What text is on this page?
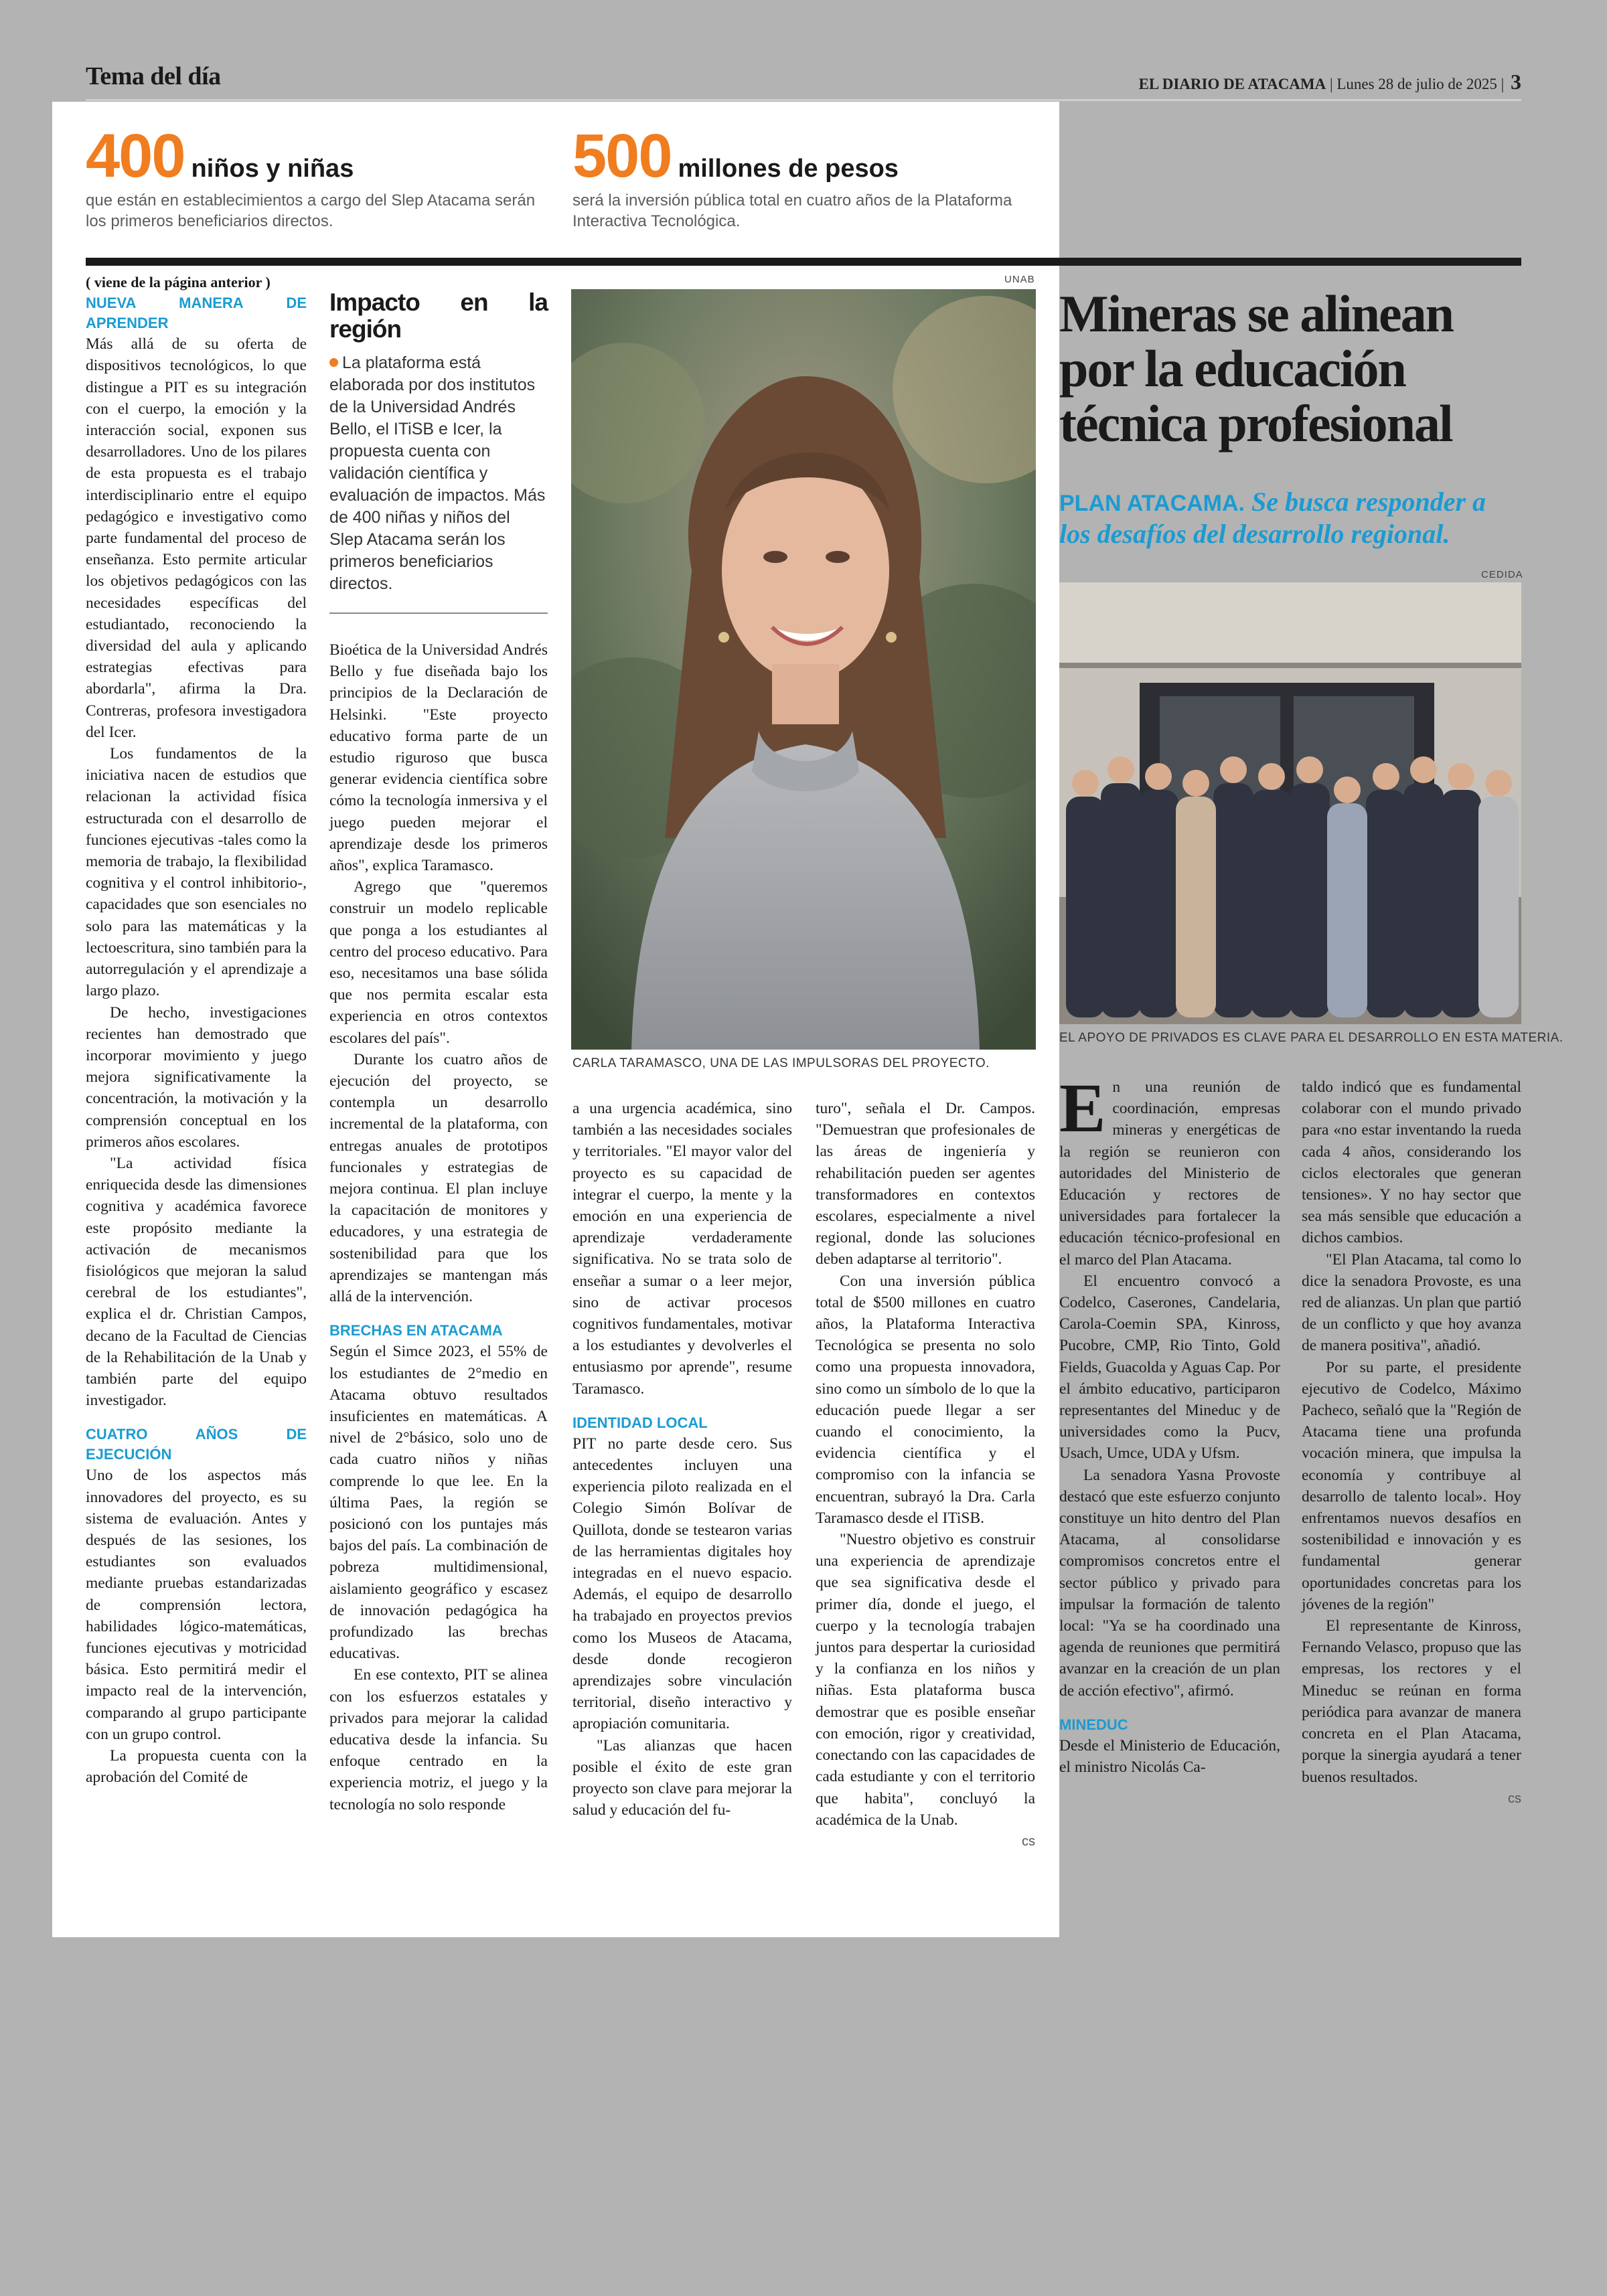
Tema del día	EL DIARIO DE ATACAMA | Lunes 28 de julio de 2025 | 3
400 niños y niñas
que están en establecimientos a cargo del Slep Atacama serán los primeros beneficiarios directos.
500 millones de pesos
será la inversión pública total en cuatro años de la Plataforma Interactiva Tecnológica.

( viene de la página anterior )

NUEVA MANERA DE APRENDER

Más allá de su oferta de dispositivos tecnológicos, lo que distingue a PIT es su integración con el cuerpo, la emoción y la interacción social, exponen sus desarrolladores. Uno de los pilares de esta propuesta es el trabajo interdisciplinario entre el equipo pedagógico e investigativo como parte fundamental del proceso de enseñanza. Esto permite articular los objetivos pedagógicos con las necesidades específicas del estudiantado, reconociendo la diversidad del aula y aplicando estrategias efectivas para abordarla", afirma la Dra. Contreras, profesora investigadora del Icer.

Los fundamentos de la iniciativa nacen de estudios que relacionan la actividad física estructurada con el desarrollo de funciones ejecutivas -tales como la memoria de trabajo, la flexibilidad cognitiva y el control inhibitorio-, capacidades que son esenciales no solo para las matemáticas y la lectoescritura, sino también para la autorregulación y el aprendizaje a largo plazo.

De hecho, investigaciones recientes han demostrado que incorporar movimiento y juego mejora significativamente la concentración, la motivación y la comprensión conceptual en los primeros años escolares.

"La actividad física enriquecida desde las dimensiones cognitiva y académica favorece este propósito mediante la activación de mecanismos fisiológicos que mejoran la salud cerebral de los estudiantes", explica el dr. Christian Campos, decano de la Facultad de Ciencias de la Rehabilitación de la Unab y también parte del equipo investigador.

CUATRO AÑOS DE EJECUCIÓN

Uno de los aspectos más innovadores del proyecto, es su sistema de evaluación. Antes y después de las sesiones, los estudiantes son evaluados mediante pruebas estandarizadas de comprensión lectora, habilidades lógico-matemáticas, funciones ejecutivas y motricidad básica. Esto permitirá medir el impacto real de la intervención, comparando al grupo participante con un grupo control.

La propuesta cuenta con la aprobación del Comité de

Impacto en la región
La plataforma está elaborada por dos institutos de la Universidad Andrés Bello, el ITiSB e Icer, la propuesta cuenta con validación científica y evaluación de impactos. Más de 400 niñas y niños del Slep Atacama serán los primeros beneficiarios directos.

Bioética de la Universidad Andrés Bello y fue diseñada bajo los principios de la Declaración de Helsinki. "Este proyecto educativo forma parte de un estudio riguroso que busca generar evidencia científica sobre cómo la tecnología inmersiva y el juego pueden mejorar el aprendizaje desde los primeros años", explica Taramasco.

Agrego que "queremos construir un modelo replicable que ponga a los estudiantes al centro del proceso educativo. Para eso, necesitamos una base sólida que nos permita escalar esta experiencia en otros contextos escolares del país".

Durante los cuatro años de ejecución del proyecto, se contempla un desarrollo incremental de la plataforma, con entregas anuales de prototipos funcionales y estrategias de mejora continua. El plan incluye la capacitación de monitores y educadores, y una estrategia de sostenibilidad para que los aprendizajes se mantengan más allá de la intervención.

BRECHAS EN ATACAMA

Según el Simce 2023, el 55% de los estudiantes de 2°medio en Atacama obtuvo resultados insuficientes en matemáticas. A nivel de 2°básico, solo uno de cada cuatro niños y niñas comprende lo que lee. En la última Paes, la región se posicionó con los puntajes más bajos del país. La combinación de pobreza multidimensional, aislamiento geográfico y escasez de innovación pedagógica ha profundizado las brechas educativas.

En ese contexto, PIT se alinea con los esfuerzos estatales y privados para mejorar la calidad educativa desde la infancia. Su enfoque centrado en la experiencia motriz, el juego y la tecnología no solo responde

UNAB
CARLA TARAMASCO, UNA DE LAS IMPULSORAS DEL PROYECTO.

a una urgencia académica, sino también a las necesidades sociales y territoriales. "El mayor valor del proyecto es su capacidad de integrar el cuerpo, la mente y la emoción en una experiencia de aprendizaje verdaderamente significativa. No se trata solo de enseñar a sumar o a leer mejor, sino de activar procesos cognitivos fundamentales, motivar a los estudiantes y devolverles el entusiasmo por aprende", resume Taramasco.

IDENTIDAD LOCAL

PIT no parte desde cero. Sus antecedentes incluyen una experiencia piloto realizada en el Colegio Simón Bolívar de Quillota, donde se testearon varias de las herramientas digitales hoy integradas en el nuevo espacio. Además, el equipo de desarrollo ha trabajado en proyectos previos como los Museos de Atacama, desde donde recogieron aprendizajes sobre vinculación territorial, diseño interactivo y apropiación comunitaria.

"Las alianzas que hacen posible el éxito de este gran proyecto son clave para mejorar la salud y educación del fu-

turo", señala el Dr. Campos. "Demuestran que profesionales de las áreas de ingeniería y rehabilitación pueden ser agentes transformadores en contextos escolares, especialmente a nivel regional, donde las soluciones deben adaptarse al territorio".

Con una inversión pública total de $500 millones en cuatro años, la Plataforma Interactiva Tecnológica se presenta no solo como una propuesta innovadora, sino como un símbolo de lo que la educación puede llegar a ser cuando el conocimiento, la evidencia científica y el compromiso con la infancia se encuentran, subrayó la Dra. Carla Taramasco desde el ITiSB.

"Nuestro objetivo es construir una experiencia de aprendizaje que sea significativa desde el primer día, donde el juego, el cuerpo y la tecnología trabajen juntos para despertar la curiosidad y la confianza en los niños y niñas. Esta plataforma busca demostrar que es posible enseñar con emoción, rigor y creatividad, conectando con las capacidades de cada estudiante y con el territorio que habita", concluyó la académica de la Unab.

cs
Mineras se alinean por la educación técnica profesional
PLAN ATACAMA. Se busca responder a los desafíos del desarrollo regional.
CEDIDA
EL APOYO DE PRIVADOS ES CLAVE PARA EL DESARROLLO EN ESTA MATERIA.

En una reunión de coordinación, empresas mineras y energéticas de la región se reunieron con autoridades del Ministerio de Educación y rectores de universidades para fortalecer la educación técnico-profesional en el marco del Plan Atacama.

El encuentro convocó a Codelco, Caserones, Candelaria, Carola-Coemin SPA, Kinross, Pucobre, CMP, Rio Tinto, Gold Fields, Guacolda y Aguas Cap. Por el ámbito educativo, participaron representantes del Mineduc y de universidades como la Pucv, Usach, Umce, UDA y Ufsm.

La senadora Yasna Provoste destacó que este esfuerzo conjunto constituye un hito dentro del Plan Atacama, al consolidarse compromisos concretos entre el sector público y privado para impulsar la formación de talento local: "Ya se ha coordinado una agenda de reuniones que permitirá avanzar en la creación de un plan de acción efectivo", afirmó.

MINEDUC

Desde el Ministerio de Educación, el ministro Nicolás Ca-

taldo indicó que es fundamental colaborar con el mundo privado para «no estar inventando la rueda cada 4 años, considerando los ciclos electorales que generan tensiones». Y no hay sector que sea más sensible que educación a dichos cambios.

"El Plan Atacama, tal como lo dice la senadora Provoste, es una red de alianzas. Un plan que partió de un conflicto y que hoy avanza de manera positiva", añadió.

Por su parte, el presidente ejecutivo de Codelco, Máximo Pacheco, señaló que la "Región de Atacama tiene una profunda vocación minera, que impulsa la economía y contribuye al desarrollo de talento local». Hoy enfrentamos nuevos desafíos en sostenibilidad e innovación y es fundamental generar oportunidades concretas para los jóvenes de la región"

El representante de Kinross, Fernando Velasco, propuso que las empresas, los rectores y el Mineduc se reúnan en forma periódica para avanzar de manera concreta en el Plan Atacama, porque la sinergia ayudará a tener buenos resultados.

cs
